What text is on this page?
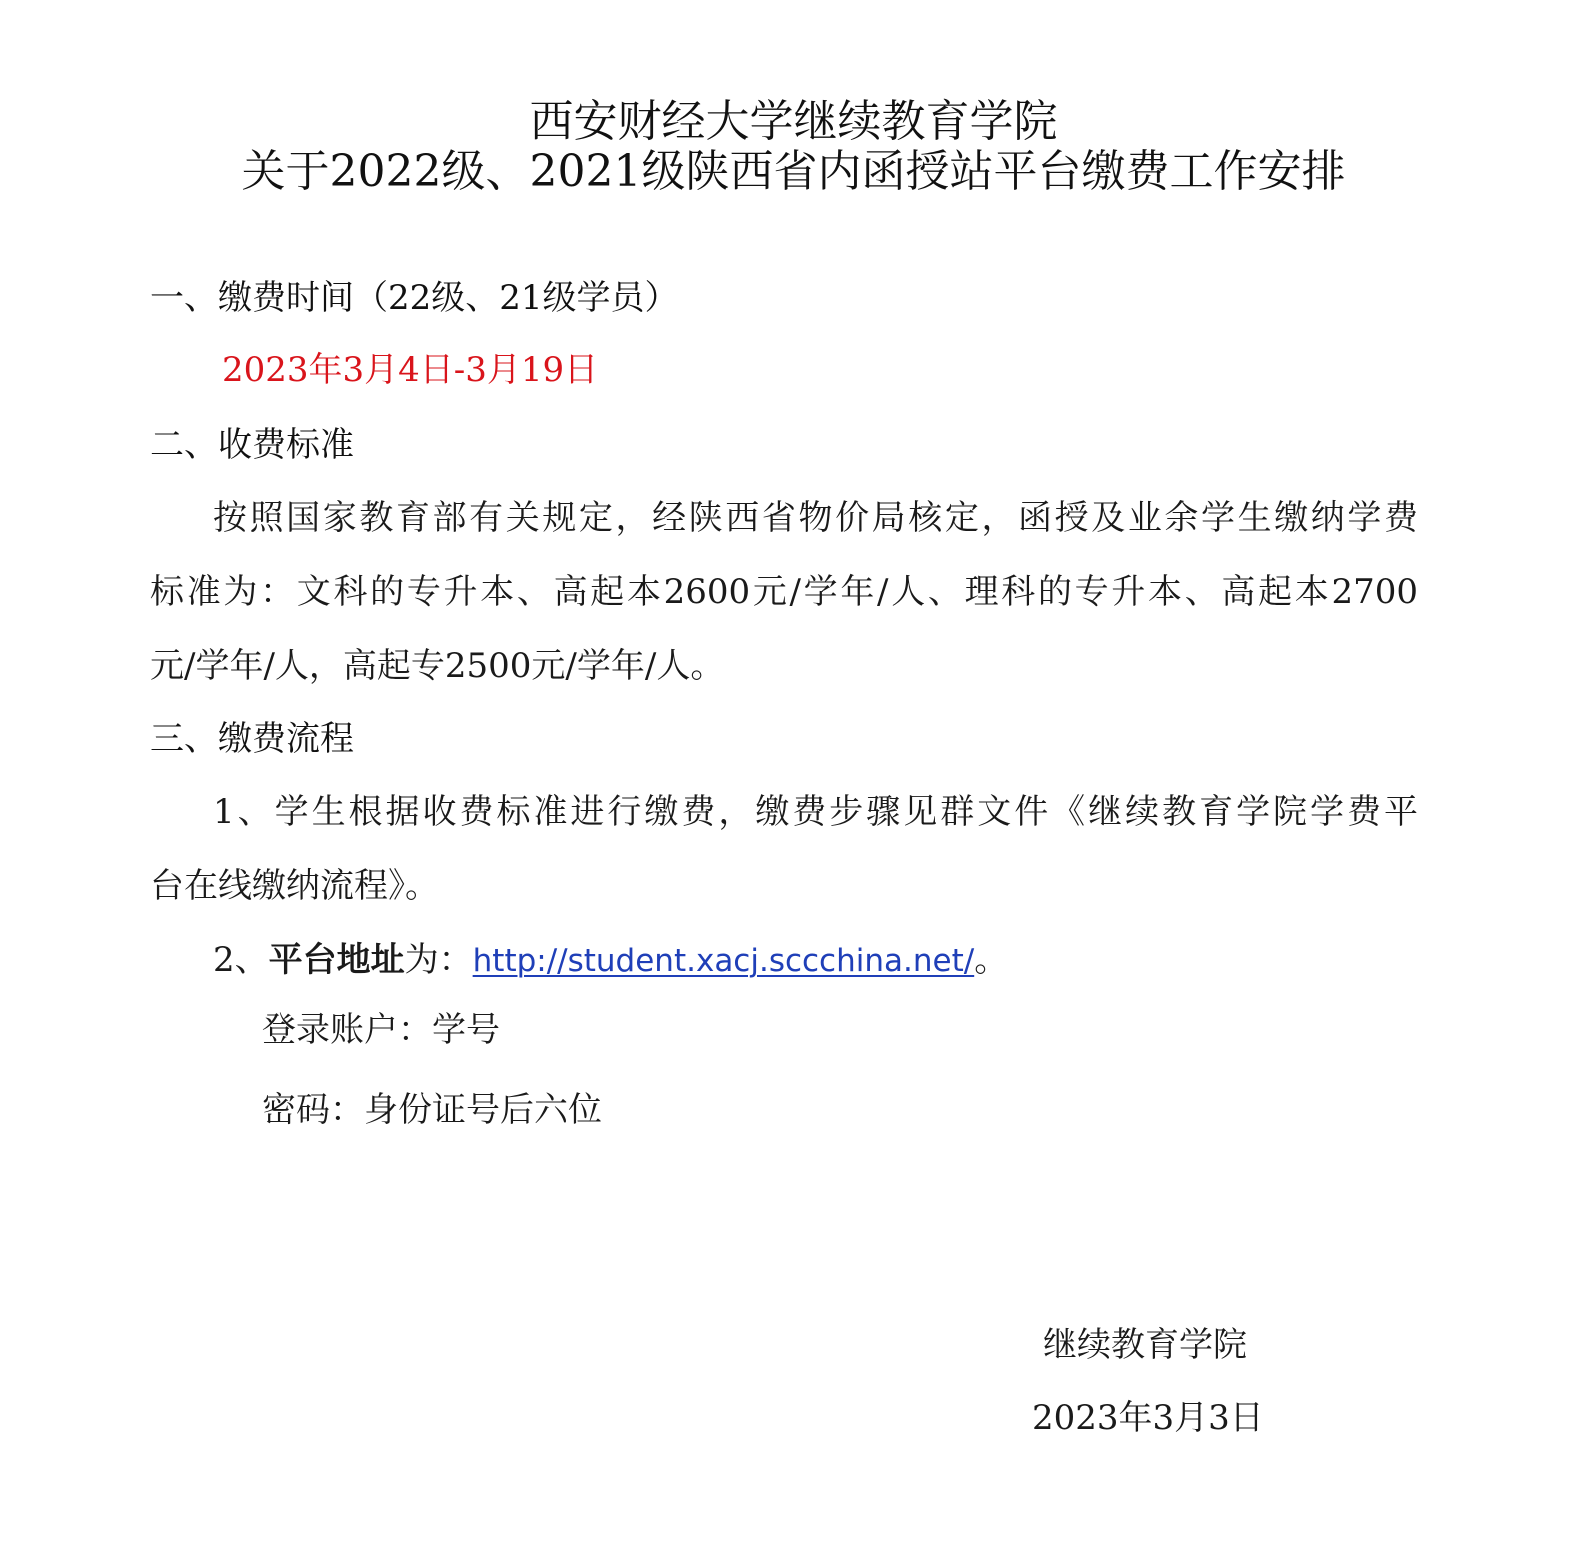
西安财经大学继续教育学院
关于2022级、2021级陕西省内函授站平台缴费工作安排
一、缴费时间（22级、21级学员）
2023年3月4日-3月19日
二、收费标准
按照国家教育部有关规定，经陕西省物价局核定，函授及业余学生缴纳学费
标准为：文科的专升本、高起本2600元/学年/人、理科的专升本、高起本2700
元/学年/人，高起专2500元/学年/人。
三、缴费流程
1、学生根据收费标准进行缴费，缴费步骤见群文件《继续教育学院学费平
台在线缴纳流程》。
2、平台地址为：http://student.xacj.sccchina.net/。
登录账户：学号
密码：身份证号后六位
继续教育学院
2023年3月3日
